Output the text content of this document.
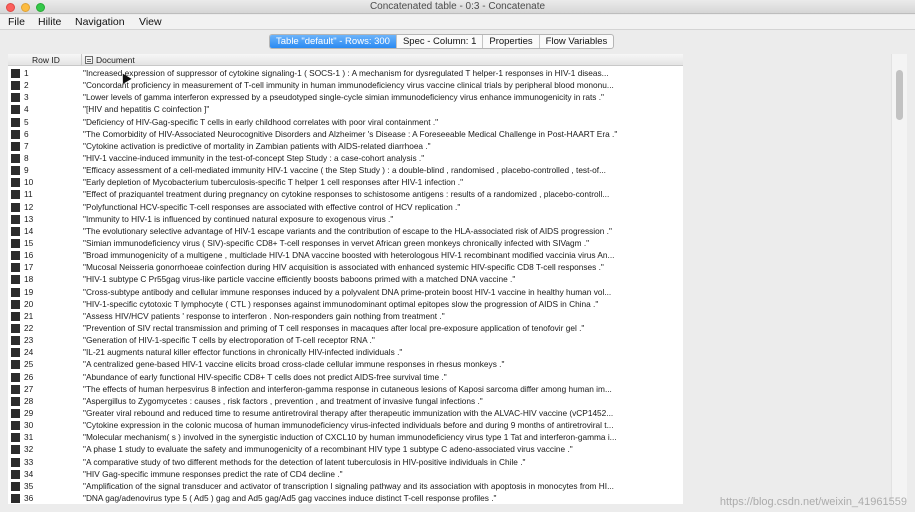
Concatenated table - 0:3 - Concatenate
File Hilite Navigation View
Table "default" - Rows: 300	Spec - Column: 1	Properties	Flow Variables
Row ID	Document
1	"Increased expression of suppressor of cytokine signaling-1 ( SOCS-1 ) : A mechanism for dysregulated T helper-1 responses in HIV-1 diseas...
2	"Concordant proficiency in measurement of T-cell immunity in human immunodeficiency virus vaccine clinical trials by peripheral blood mononu...
3	"Lower levels of gamma interferon expressed by a pseudotyped single-cycle simian immunodeficiency virus enhance immunogenicity in rats ."
4	"[HIV and hepatitis C coinfection ]"
5	"Deficiency of HIV-Gag-specific T cells in early childhood correlates with poor viral containment ."
6	"The Comorbidity of HIV-Associated Neurocognitive Disorders and Alzheimer 's Disease : A Foreseeable Medical Challenge in Post-HAART Era ."
7	"Cytokine activation is predictive of mortality in Zambian patients with AIDS-related diarrhoea ."
8	"HIV-1 vaccine-induced immunity in the test-of-concept Step Study : a case-cohort analysis ."
9	"Efficacy assessment of a cell-mediated immunity HIV-1 vaccine ( the Step Study ) : a double-blind , randomised , placebo-controlled , test-of...
10	"Early depletion of Mycobacterium tuberculosis-specific T helper 1 cell responses after HIV-1 infection ."
11	"Effect of praziquantel treatment during pregnancy on cytokine responses to schistosome antigens : results of a randomized , placebo-controll...
12	"Polyfunctional HCV-specific T-cell responses are associated with effective control of HCV replication ."
13	"Immunity to HIV-1 is influenced by continued natural exposure to exogenous virus ."
14	"The evolutionary selective advantage of HIV-1 escape variants and the contribution of escape to the HLA-associated risk of AIDS progression ."
15	"Simian immunodeficiency virus ( SIV)-specific CD8+ T-cell responses in vervet African green monkeys chronically infected with SIVagm ."
16	"Broad immunogenicity of a multigene , multiclade HIV-1 DNA vaccine boosted with heterologous HIV-1 recombinant modified vaccinia virus An...
17	"Mucosal Neisseria gonorrhoeae coinfection during HIV acquisition is associated with enhanced systemic HIV-specific CD8 T-cell responses ."
18	"HIV-1 subtype C Pr55gag virus-like particle vaccine efficiently boosts baboons primed with a matched DNA vaccine ."
19	"Cross-subtype antibody and cellular immune responses induced by a polyvalent DNA prime-protein boost HIV-1 vaccine in healthy human vol...
20	"HIV-1-specific cytotoxic T lymphocyte ( CTL ) responses against immunodominant optimal epitopes slow the progression of AIDS in China ."
21	"Assess HIV/HCV patients ' response to interferon . Non-responders gain nothing from treatment ."
22	"Prevention of SIV rectal transmission and priming of T cell responses in macaques after local pre-exposure application of tenofovir gel ."
23	"Generation of HIV-1-specific T cells by electroporation of T-cell receptor RNA ."
24	"IL-21 augments natural killer effector functions in chronically HIV-infected individuals ."
25	"A centralized gene-based HIV-1 vaccine elicits broad cross-clade cellular immune responses in rhesus monkeys ."
26	"Abundance of early functional HIV-specific CD8+ T cells does not predict AIDS-free survival time ."
27	"The effects of human herpesvirus 8 infection and interferon-gamma response in cutaneous lesions of Kaposi sarcoma differ among human im...
28	"Aspergillus to Zygomycetes : causes , risk factors , prevention , and treatment of invasive fungal infections ."
29	"Greater viral rebound and reduced time to resume antiretroviral therapy after therapeutic immunization with the ALVAC-HIV vaccine (vCP1452...
30	"Cytokine expression in the colonic mucosa of human immunodeficiency virus-infected individuals before and during 9 months of antiretroviral t...
31	"Molecular mechanism( s ) involved in the synergistic induction of CXCL10 by human immunodeficiency virus type 1 Tat and interferon-gamma i...
32	"A phase 1 study to evaluate the safety and immunogenicity of a recombinant HIV type 1 subtype C adeno-associated virus vaccine ."
33	"A comparative study of two different methods for the detection of latent tuberculosis in HIV-positive individuals in Chile ."
34	"HIV Gag-specific immune responses predict the rate of CD4 decline ."
35	"Amplification of the signal transducer and activator of transcription I signaling pathway and its association with apoptosis in monocytes from HI...
36	"DNA gag/adenovirus type 5 ( Ad5 ) gag and Ad5 gag/Ad5 gag vaccines induce distinct T-cell response profiles ."	https://blog.csdn.net/weixin_41961559
